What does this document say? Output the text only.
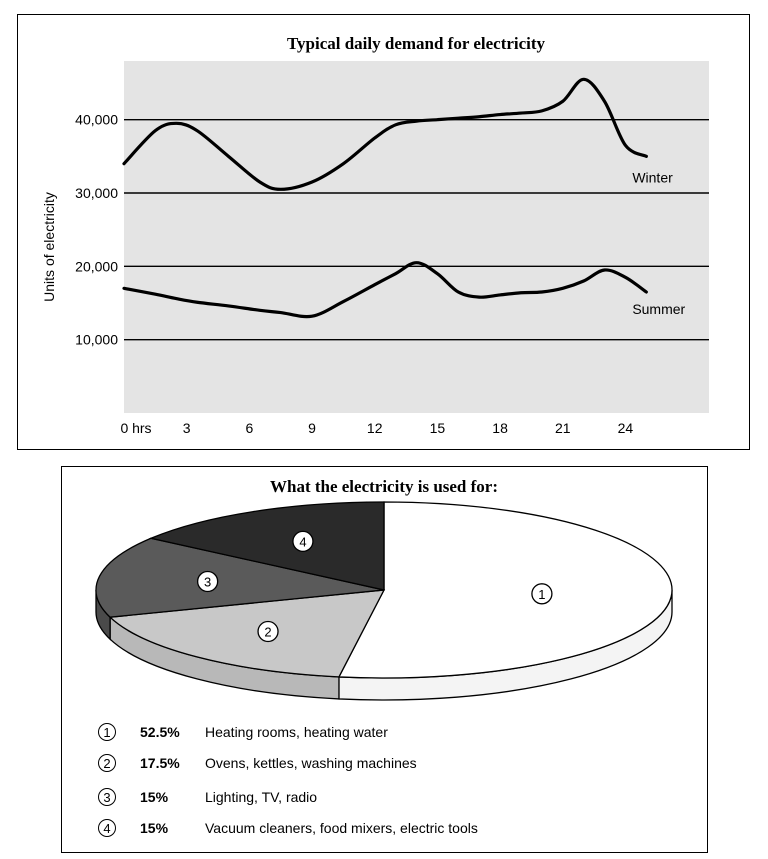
Typical daily demand for electricity
Units of electricity
10,000
20,000
30,000
40,000
0 hrs 3	6	9	12	15	18	21	24
Winter
Summer
What the electricity is used for:
1
2
3
4
1	52.5% Heating rooms, heating water
2	17.5% Ovens, kettles, washing machines
3	15%	Lighting, TV, radio
4	15%	Vacuum cleaners, food mixers, electric tools
